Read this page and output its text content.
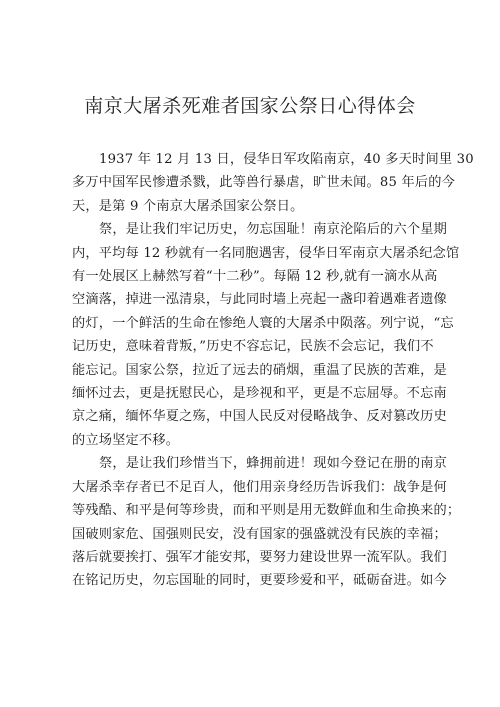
南京大屠杀死难者国家公祭日心得体会
1937 年 12 月 13 日，侵华日军攻陷南京，40 多天时间里 30
多万中国军民惨遭杀戮，此等兽行暴虐，旷世未闻。85 年后的今
天，是第 9 个南京大屠杀国家公祭日。
祭，是让我们牢记历史，勿忘国耻！南京沦陷后的六个星期
内，平均每 12 秒就有一名同胞遇害，侵华日军南京大屠杀纪念馆
有一处展区上赫然写着“十二秒”。每隔 12 秒,就有一滴水从高
空滴落，掉进一泓清泉，与此同时墙上亮起一盏印着遇难者遗像
的灯，一个鲜活的生命在惨绝人寰的大屠杀中陨落。列宁说，“忘
记历史，意味着背叛，”历史不容忘记，民族不会忘记，我们不
能忘记。国家公祭，拉近了远去的硝烟，重温了民族的苦难，是
缅怀过去，更是抚慰民心，是珍视和平，更是不忘屈辱。不忘南
京之痛，缅怀华夏之殇，中国人民反对侵略战争、反对篡改历史
的立场坚定不移。
祭，是让我们珍惜当下，蜂拥前进！现如今登记在册的南京
大屠杀幸存者已不足百人，他们用亲身经历告诉我们：战争是何
等残酷、和平是何等珍贵，而和平则是用无数鲜血和生命换来的；
国破则家危、国强则民安，没有国家的强盛就没有民族的幸福；
落后就要挨打、强军才能安邦，要努力建设世界一流军队。我们
在铭记历史，勿忘国耻的同时，更要珍爱和平，砥砺奋进。如今
